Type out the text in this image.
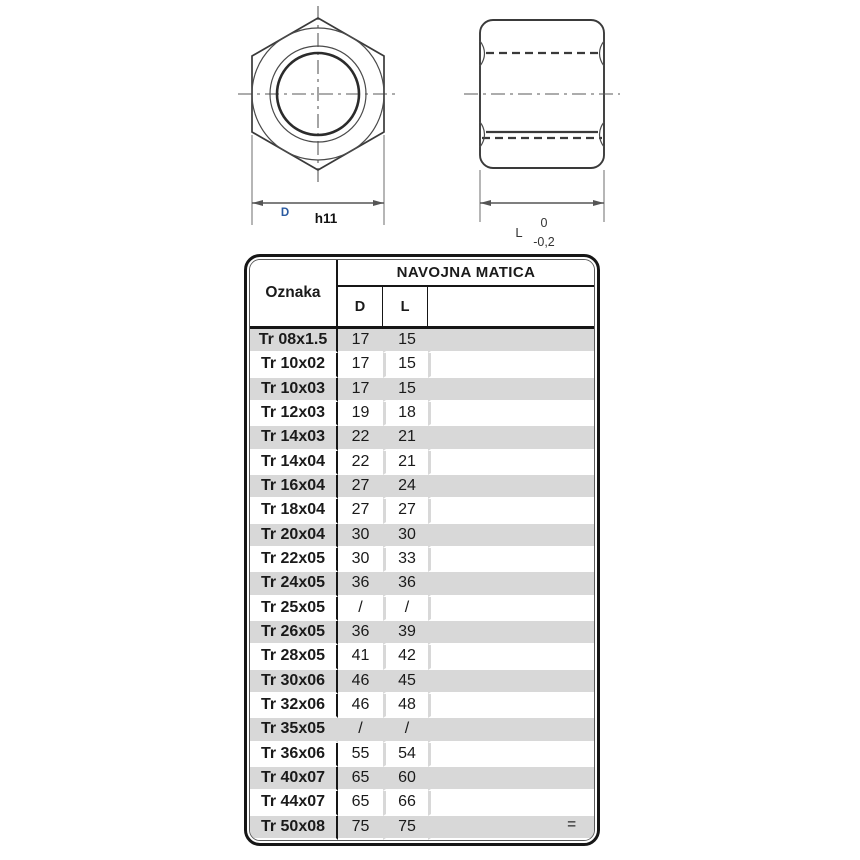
D h11
L
0
-0,2
Oznaka	NAVOJNA MATICA		
	D	L	
Tr 08x1.5	17	15	
Tr 10x02	17	15	
Tr 10x03	17	15	
Tr 12x03	19	18	
Tr 14x03	22	21	
Tr 14x04	22	21	
Tr 16x04	27	24	
Tr 18x04	27	27	
Tr 20x04	30	30	
Tr 22x05	30	33	
Tr 24x05	36	36	
Tr 25x05	/	/	
Tr 26x05	36	39	
Tr 28x05	41	42	
Tr 30x06	46	45	
Tr 32x06	46	48	
Tr 35x05	/	/	
Tr 36x06	55	54	
Tr 40x07	65	60	
Tr 44x07	65	66	
Tr 50x08	75	75		=
